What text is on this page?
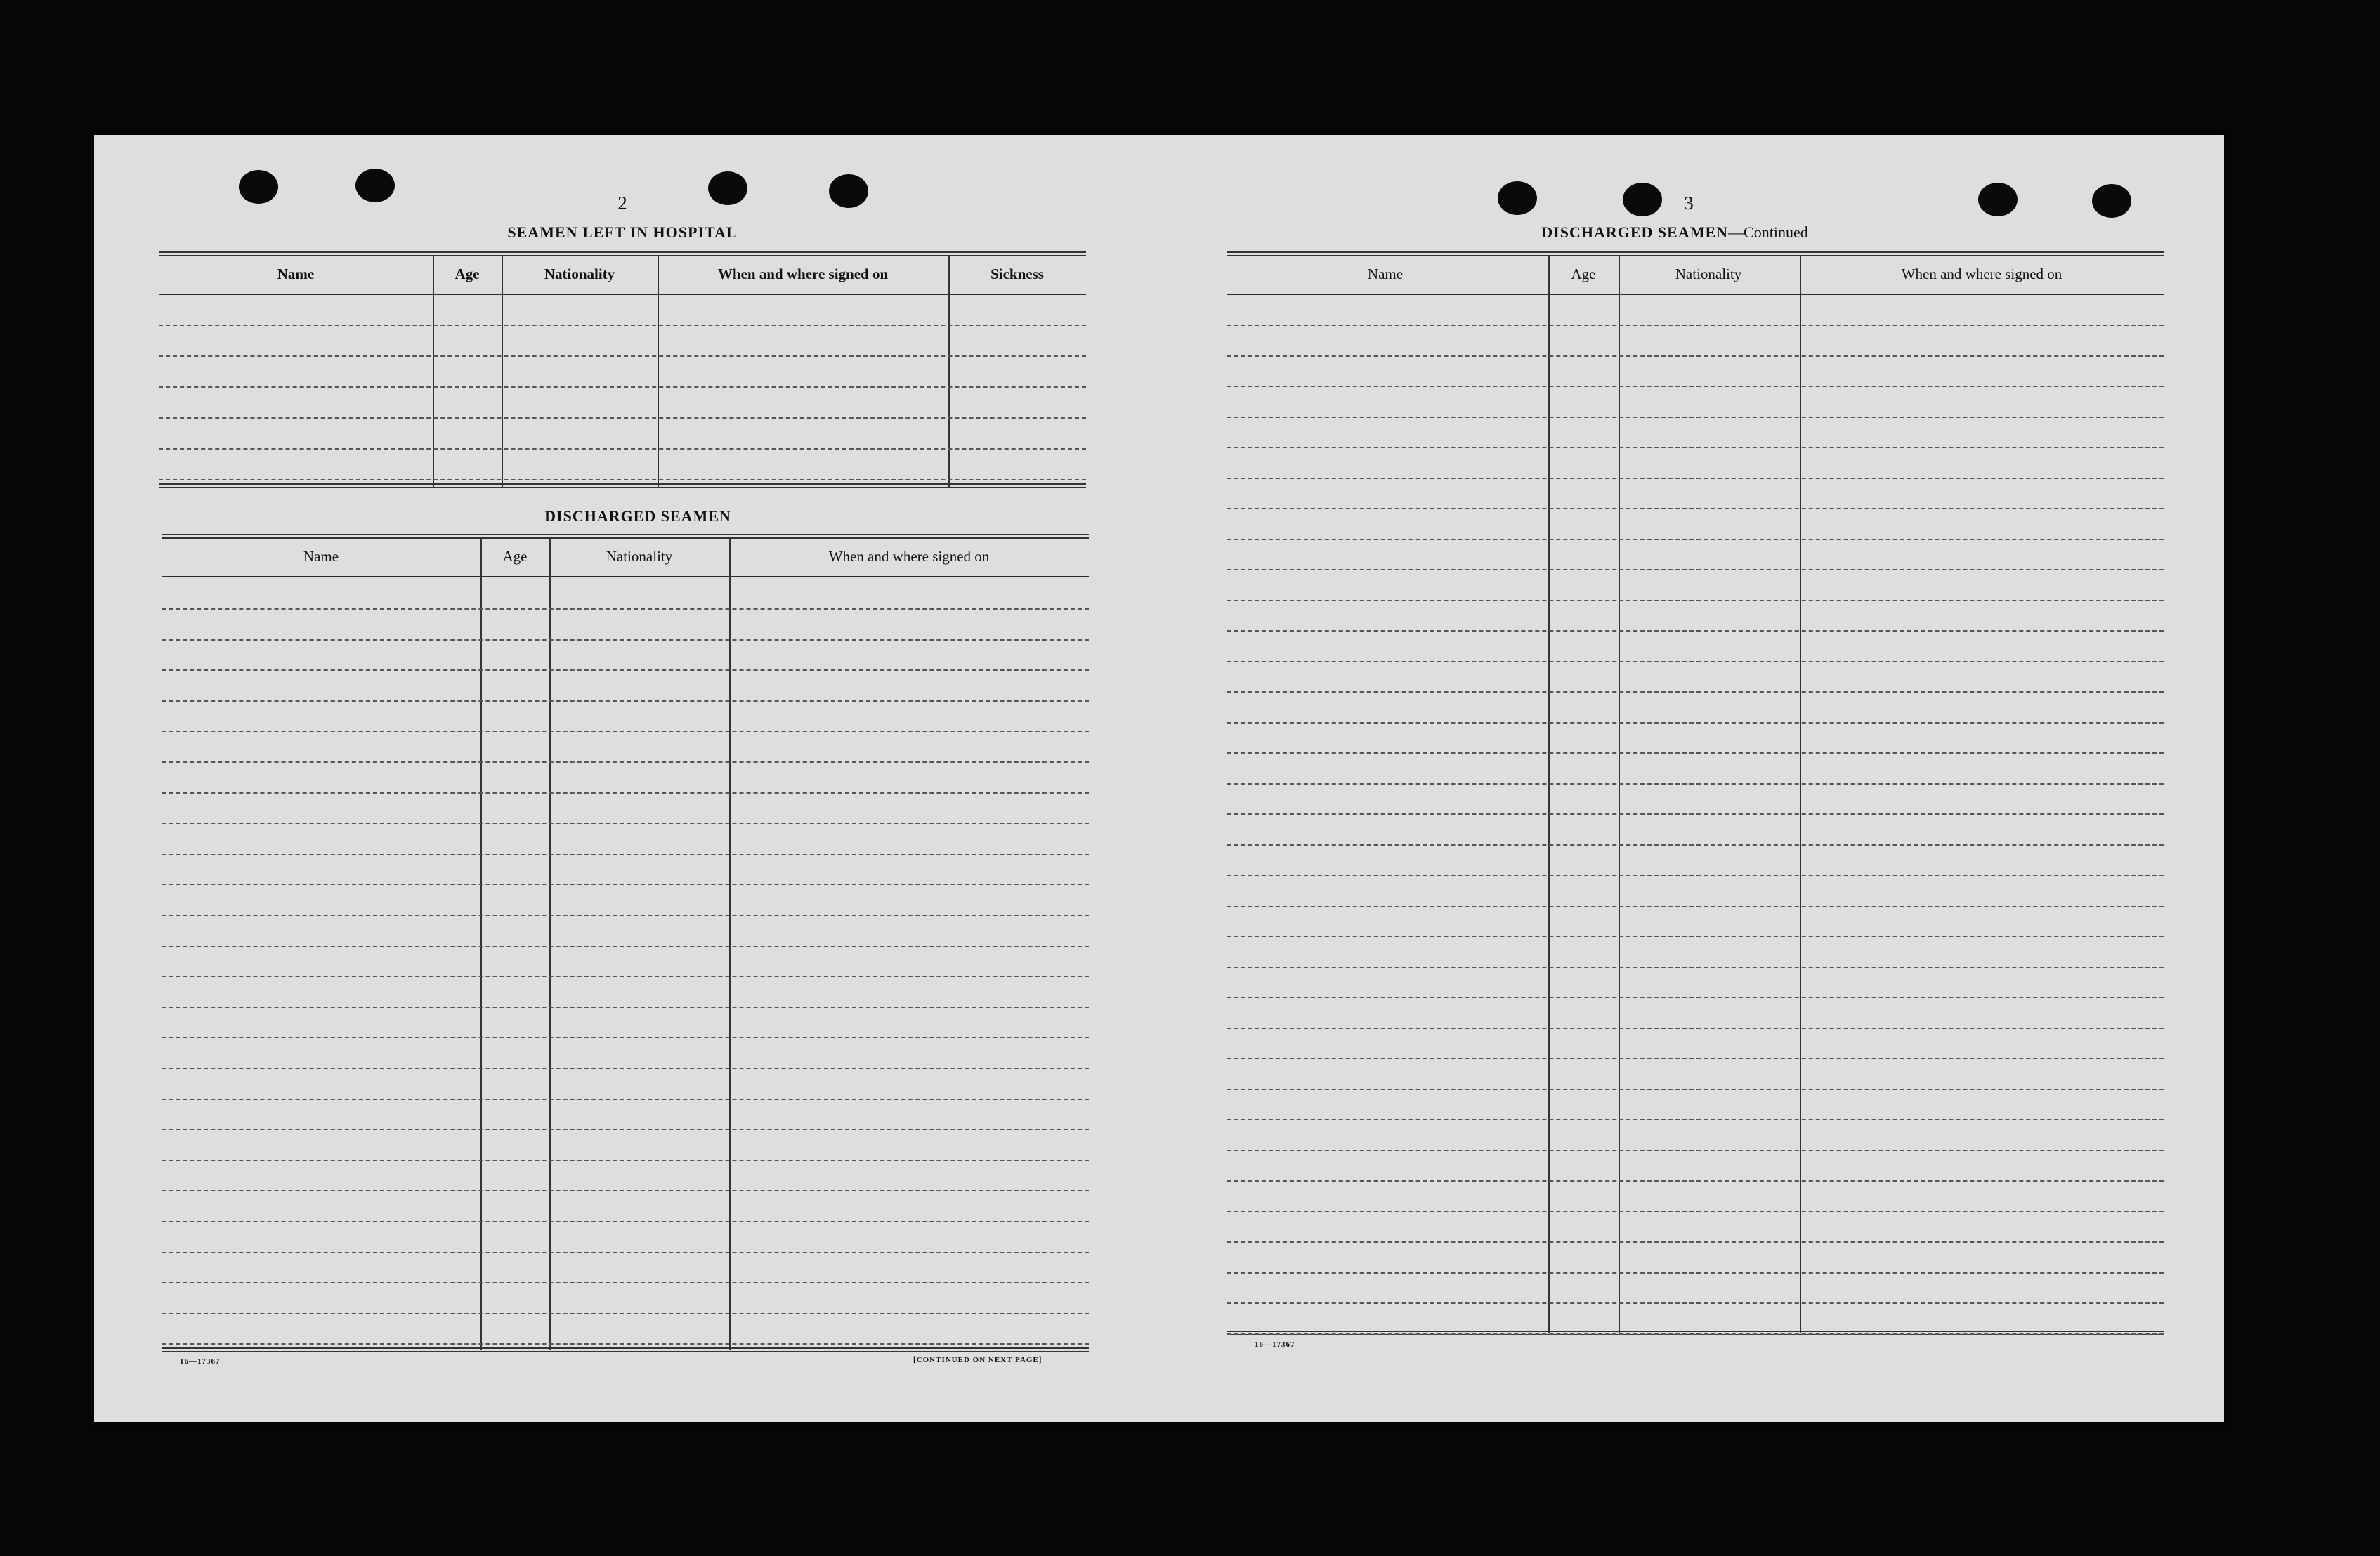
2
SEAMEN LEFT IN HOSPITAL
Name	Age	Nationality	When and where signed on	Sickness
DISCHARGED SEAMEN
Name	Age	Nationality	When and where signed on
16—17367	[CONTINUED ON NEXT PAGE]
3
DISCHARGED SEAMEN—Continued
Name	Age	Nationality	When and where signed on
16—17367
